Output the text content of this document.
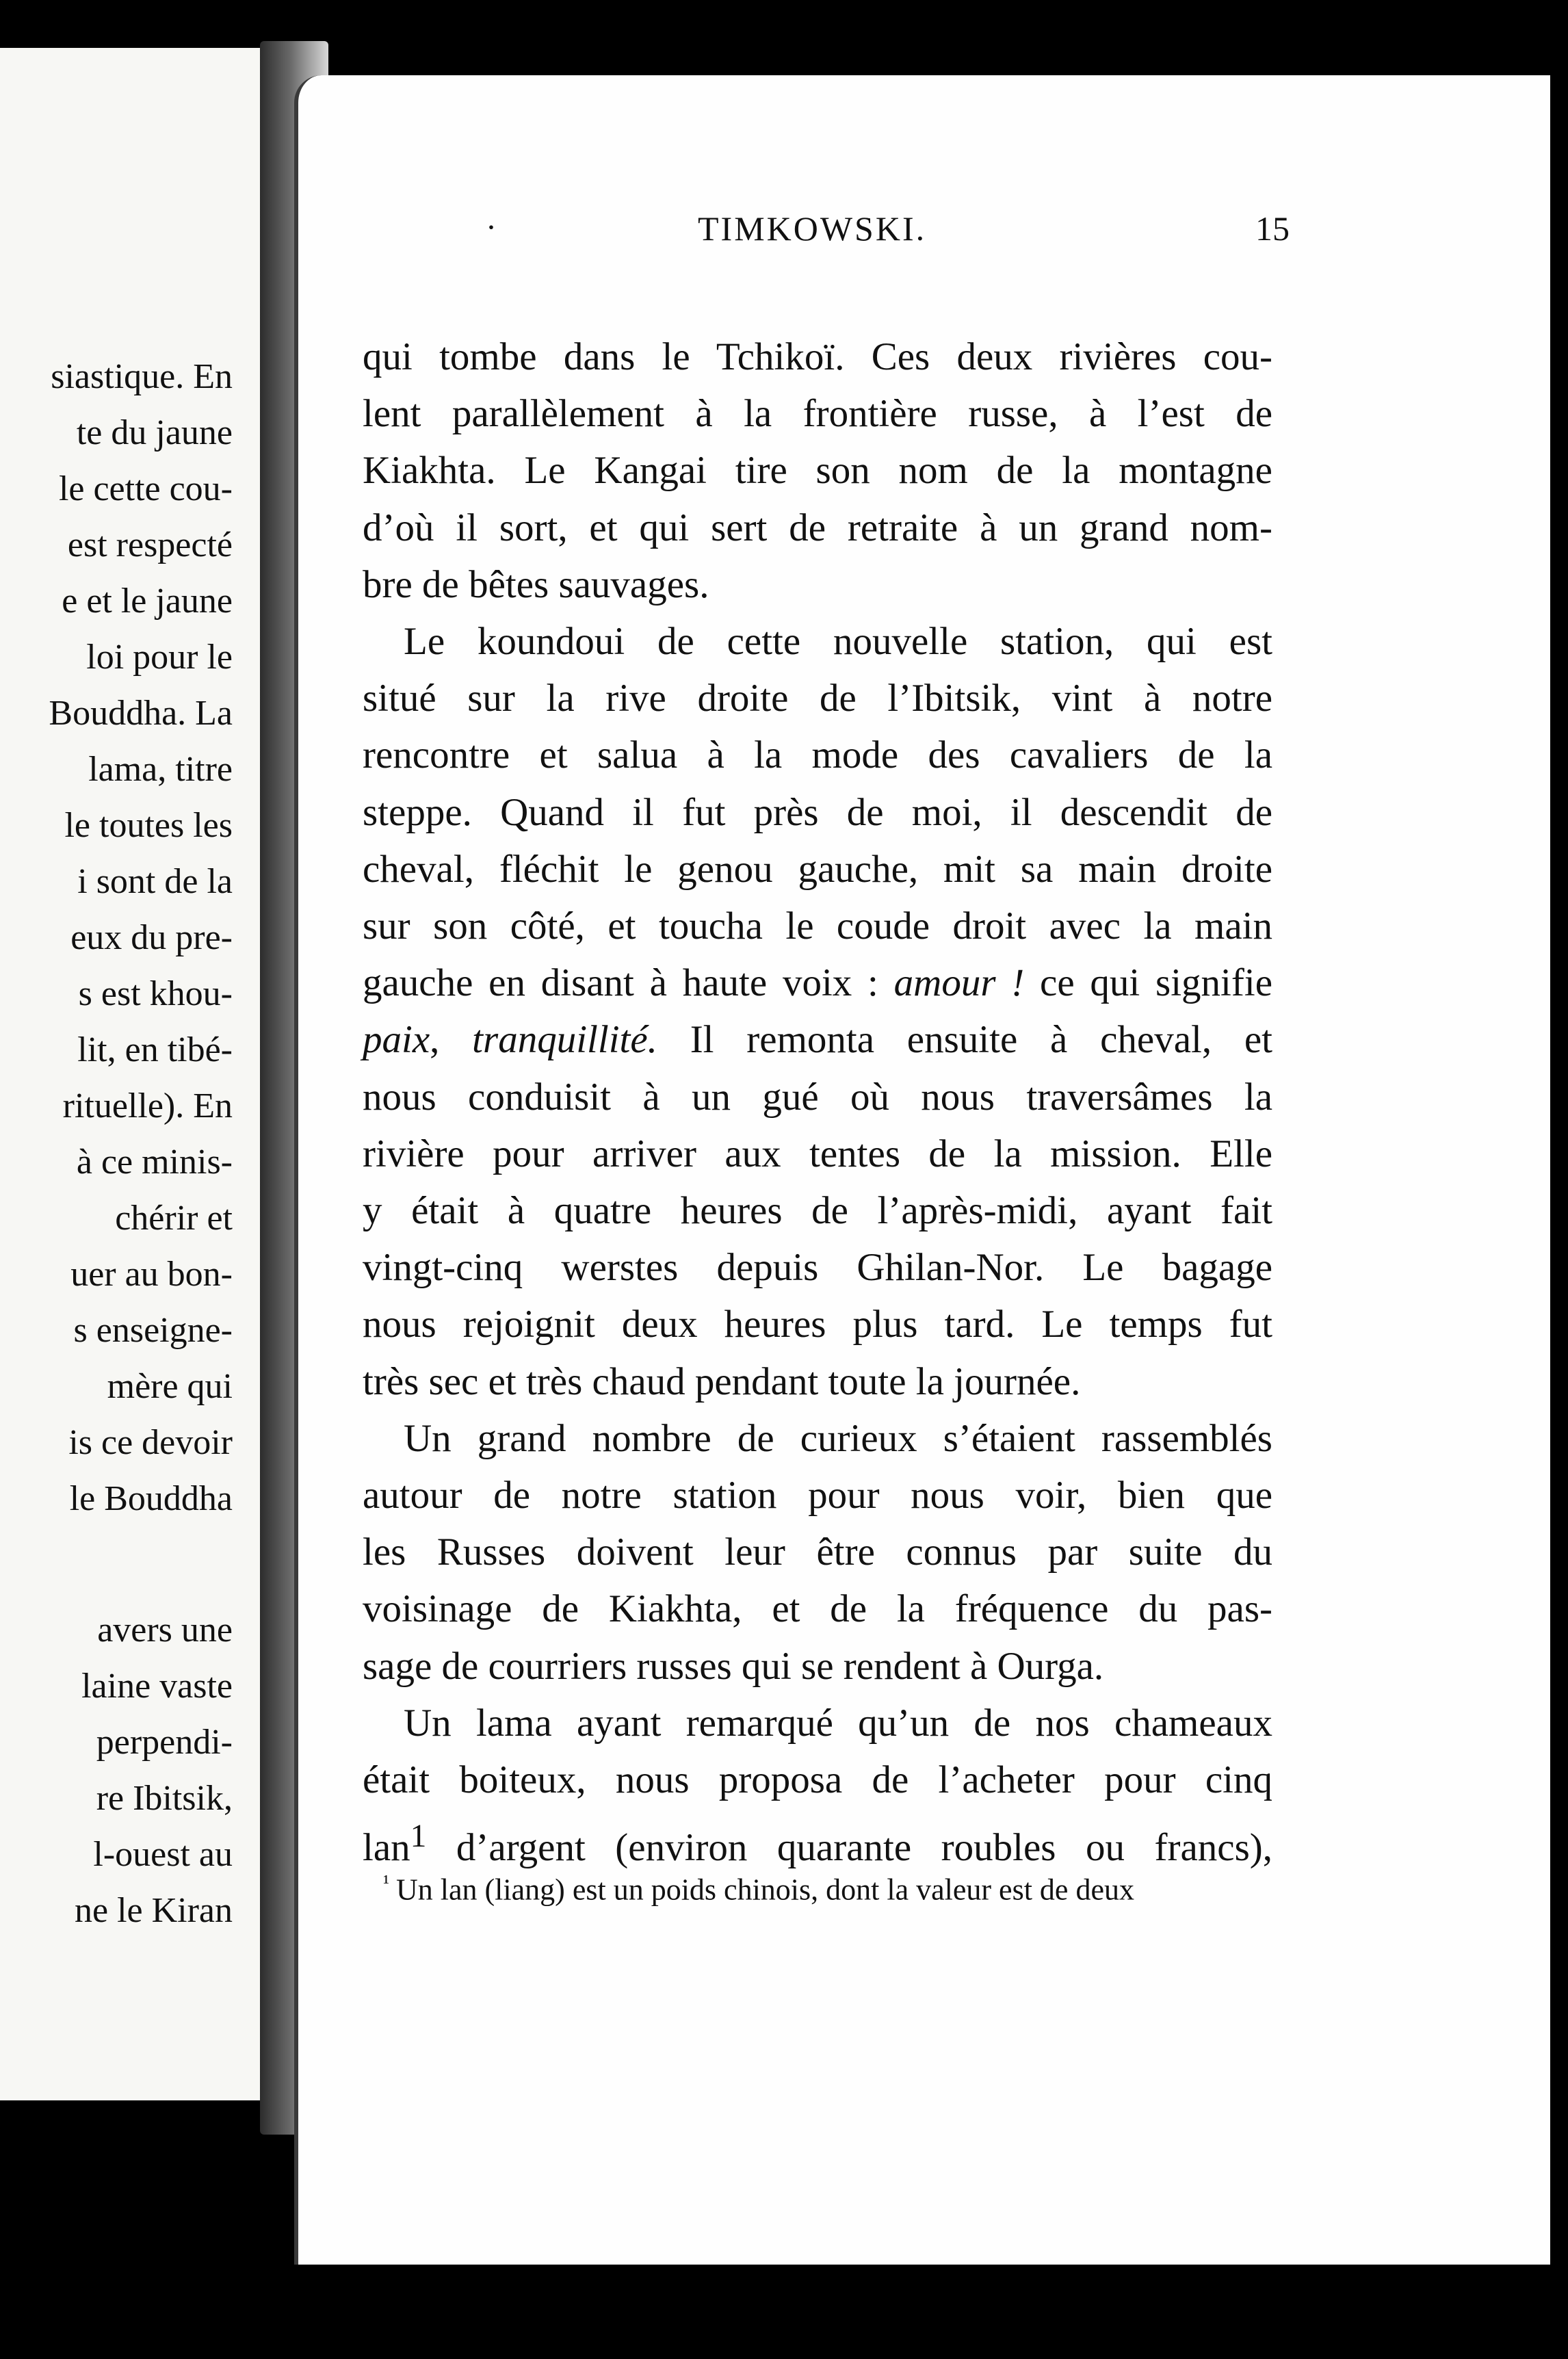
siastique. En
te du jaune
le cette cou-
est respecté
e et le jaune
loi pour le
Bouddha. La
lama, titre
le toutes les
i sont de la
eux du pre-
s est khou-
lit, en tibé-
rituelle). En
à ce minis-
chérir et
uer au bon-
s enseigne-
mère qui
is ce devoir
le Bouddha
avers une
laine vaste
perpendi-
re Ibitsik,
l-ouest au
ne le Kiran
·	TIMKOWSKI.	15
qui tombe dans le Tchikoï. Ces deux rivières cou-
lent parallèlement à la frontière russe, à l’est de
Kiakhta. Le Kangai tire son nom de la montagne
d’où il sort, et qui sert de retraite à un grand nom-
bre de bêtes sauvages.
Le koundoui de cette nouvelle station, qui est
situé sur la rive droite de l’Ibitsik, vint à notre
rencontre et salua à la mode des cavaliers de la
steppe. Quand il fut près de moi, il descendit de
cheval, fléchit le genou gauche, mit sa main droite
sur son côté, et toucha le coude droit avec la main
gauche en disant à haute voix : amour ! ce qui signifie
paix, tranquillité. Il remonta ensuite à cheval, et
nous conduisit à un gué où nous traversâmes la
rivière pour arriver aux tentes de la mission. Elle
y était à quatre heures de l’après-midi, ayant fait
vingt-cinq werstes depuis Ghilan-Nor. Le bagage
nous rejoignit deux heures plus tard. Le temps fut
très sec et très chaud pendant toute la journée.
Un grand nombre de curieux s’étaient rassemblés
autour de notre station pour nous voir, bien que
les Russes doivent leur être connus par suite du
voisinage de Kiakhta, et de la fréquence du pas-
sage de courriers russes qui se rendent à Ourga.
Un lama ayant remarqué qu’un de nos chameaux
était boiteux, nous proposa de l’acheter pour cinq
lan$^1$ d’argent (environ quarante roubles ou francs),
$^{^1}$ Un lan (liang) est un poids chinois, dont la valeur est de deux
